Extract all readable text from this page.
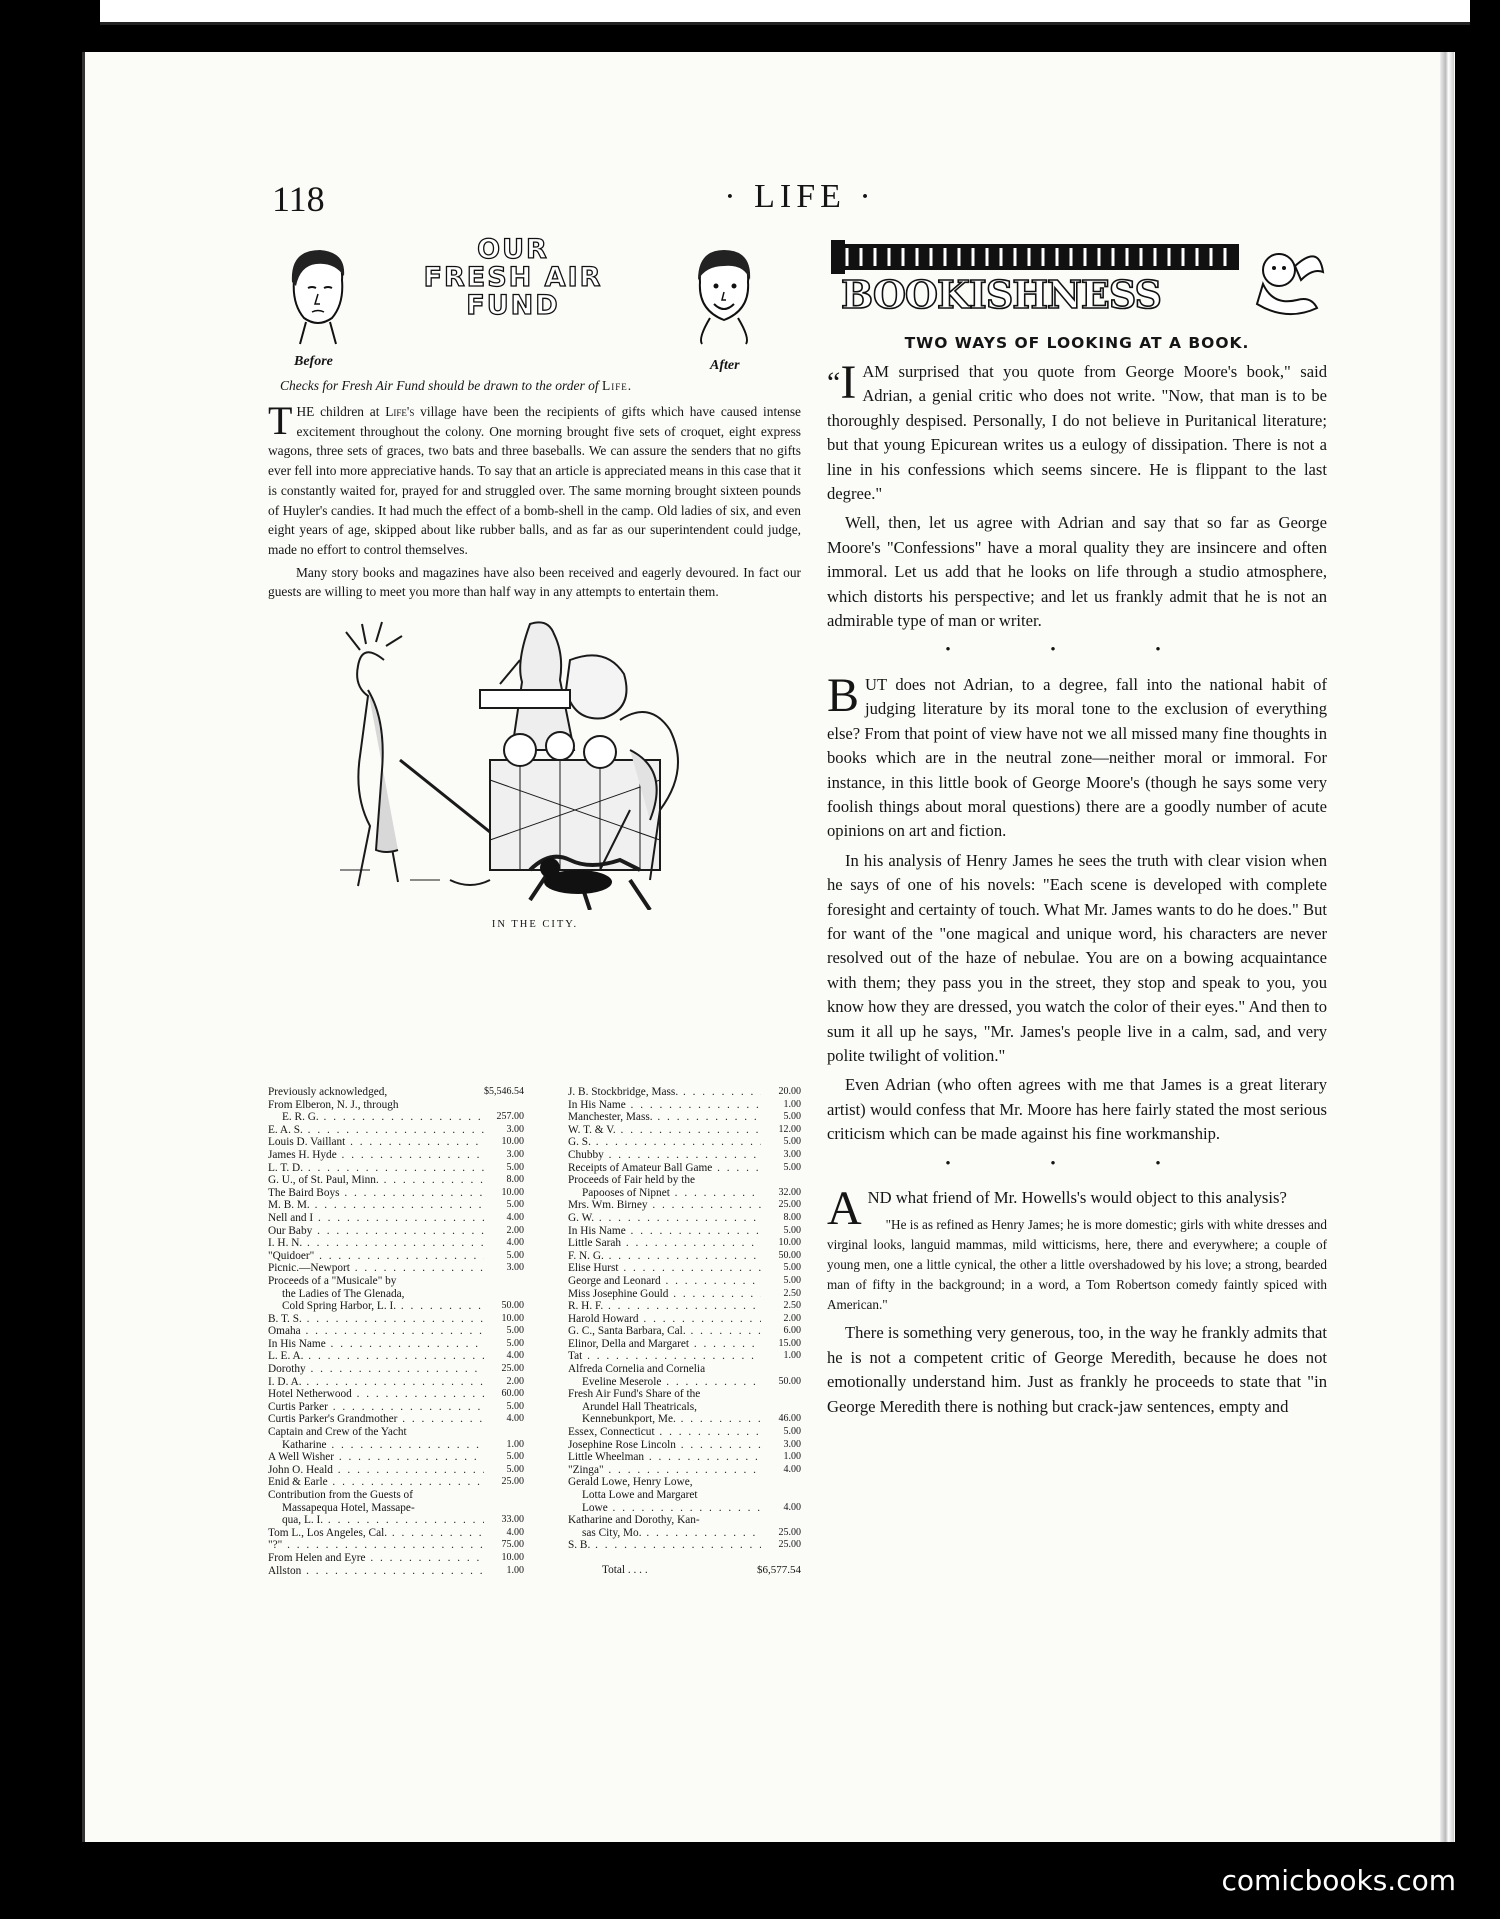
118	· LIFE ·
OUR
FRESH AIR
FUND
Before	After
Checks for Fresh Air Fund should be drawn to the order of Life.

THE children at Life's village have been the recipients of gifts which have caused intense excitement throughout the colony. One morning brought five sets of croquet, eight express wagons, three sets of graces, two bats and three baseballs. We can assure the senders that no gifts ever fell into more appreciative hands. To say that an article is appreciated means in this case that it is constantly waited for, prayed for and struggled over. The same morning brought sixteen pounds of Huyler's candies. It had much the effect of a bomb-shell in the camp. Old ladies of six, and even eight years of age, skipped about like rubber balls, and as far as our superintendent could judge, made no effort to control themselves.

Many story books and magazines have also been received and eagerly devoured. In fact our guests are willing to meet you more than half way in any attempts to entertain them.

IN THE CITY.
Previously acknowledged,	$5,546.54
From Elberon, N. J., through
E. R. G. . . .	257.00
E. A. S. . . .	3.00
Louis D. Vaillant . . .	10.00
James H. Hyde . . .	3.00
L. T. D. . . .	5.00
G. U., of St. Paul, Minn. . . .	8.00
The Baird Boys . . .	10.00
M. B. M. . . .	5.00
Nell and I . . .	4.00
Our Baby . . .	2.00
I. H. N. . . .	4.00
"Quidoer" . . .	5.00
Picnic.—Newport . . .	3.00
Proceeds of a "Musicale" by
the Ladies of The Glenada,
Cold Spring Harbor, L. I. . . .	50.00
B. T. S. . . .	10.00
Omaha . . .	5.00
In His Name . . .	5.00
L. E. A. . . .	4.00
Dorothy . . .	25.00
I. D. A. . . .	2.00
Hotel Netherwood . . .	60.00
Curtis Parker . . .	5.00
Curtis Parker's Grandmother . . .	4.00
Captain and Crew of the Yacht
Katharine . . .	1.00
A Well Wisher . . .	5.00
John O. Heald . . .	5.00
Enid & Earle . . .	25.00
Contribution from the Guests of
Massapequa Hotel, Massape-
qua, L. I. . . .	33.00
Tom L., Los Angeles, Cal. . . .	4.00
"?" . . .	75.00
From Helen and Eyre . . .	10.00
Allston . . .	1.00
J. B. Stockbridge, Mass. . . .	20.00
In His Name . . .	1.00
Manchester, Mass. . . .	5.00
W. T. & V. . . .	12.00
G. S. . . .	5.00
Chubby . . .	3.00
Receipts of Amateur Ball Game . . .	5.00
Proceeds of Fair held by the
Papooses of Nipnet . . .	32.00
Mrs. Wm. Birney . . .	25.00
G. W. . . .	8.00
In His Name . . .	5.00
Little Sarah . . .	10.00
F. N. G. . . .	50.00
Elise Hurst . . .	5.00
George and Leonard . . .	5.00
Miss Josephine Gould . . .	2.50
R. H. F. . . .	2.50
Harold Howard . . .	2.00
G. C., Santa Barbara, Cal. . . .	6.00
Elinor, Della and Margaret . . .	15.00
Tat . . .	1.00
Alfreda Cornelia and Cornelia
Eveline Meserole . . .	50.00
Fresh Air Fund's Share of the
Arundel Hall Theatricals,
Kennebunkport, Me. . . .	46.00
Essex, Connecticut . . .	5.00
Josephine Rose Lincoln . . .	3.00
Little Wheelman . . .	1.00
"Zinga" . . .	4.00
Gerald Lowe, Henry Lowe,
Lotta Lowe and Margaret
Lowe . . .	4.00
Katharine and Dorothy, Kan-
sas City, Mo. . . .	25.00
S. B. . . .	25.00
Total . . . .	$6,577.54
BOOKISHNESS
TWO WAYS OF LOOKING AT A BOOK.

“I AM surprised that you quote from George Moore's book," said Adrian, a genial critic who does not write. "Now, that man is to be thoroughly despised. Personally, I do not believe in Puritanical literature; but that young Epicurean writes us a eulogy of dissipation. There is not a line in his confessions which seems sincere. He is flippant to the last degree."

Well, then, let us agree with Adrian and say that so far as George Moore's "Confessions" have a moral quality they are insincere and often immoral. Let us add that he looks on life through a studio atmosphere, which distorts his perspective; and let us frankly admit that he is not an admirable type of man or writer.

• • •

BUT does not Adrian, to a degree, fall into the national habit of judging literature by its moral tone to the exclusion of everything else? From that point of view have not we all missed many fine thoughts in books which are in the neutral zone—neither moral or immoral. For instance, in this little book of George Moore's (though he says some very foolish things about moral questions) there are a goodly number of acute opinions on art and fiction.

In his analysis of Henry James he sees the truth with clear vision when he says of one of his novels: "Each scene is developed with complete foresight and certainty of touch. What Mr. James wants to do he does." But for want of the "one magical and unique word, his characters are never resolved out of the haze of nebulae. You are on a bowing acquaintance with them; they pass you in the street, they stop and speak to you, you know how they are dressed, you watch the color of their eyes." And then to sum it all up he says, "Mr. James's people live in a calm, sad, and very polite twilight of volition."

Even Adrian (who often agrees with me that James is a great literary artist) would confess that Mr. Moore has here fairly stated the most serious criticism which can be made against his fine workmanship.

• • •

AND what friend of Mr. Howells's would object to this analysis?

"He is as refined as Henry James; he is more domestic; girls with white dresses and virginal looks, languid mammas, mild witticisms, here, there and everywhere; a couple of young men, one a little cynical, the other a little overshadowed by his love; a strong, bearded man of fifty in the background; in a word, a Tom Robertson comedy faintly spiced with American."

There is something very generous, too, in the way he frankly admits that he is not a competent critic of George Meredith, because he does not emotionally understand him. Just as frankly he proceeds to state that "in George Meredith there is nothing but crack-jaw sentences, empty and

comicbooks.com
